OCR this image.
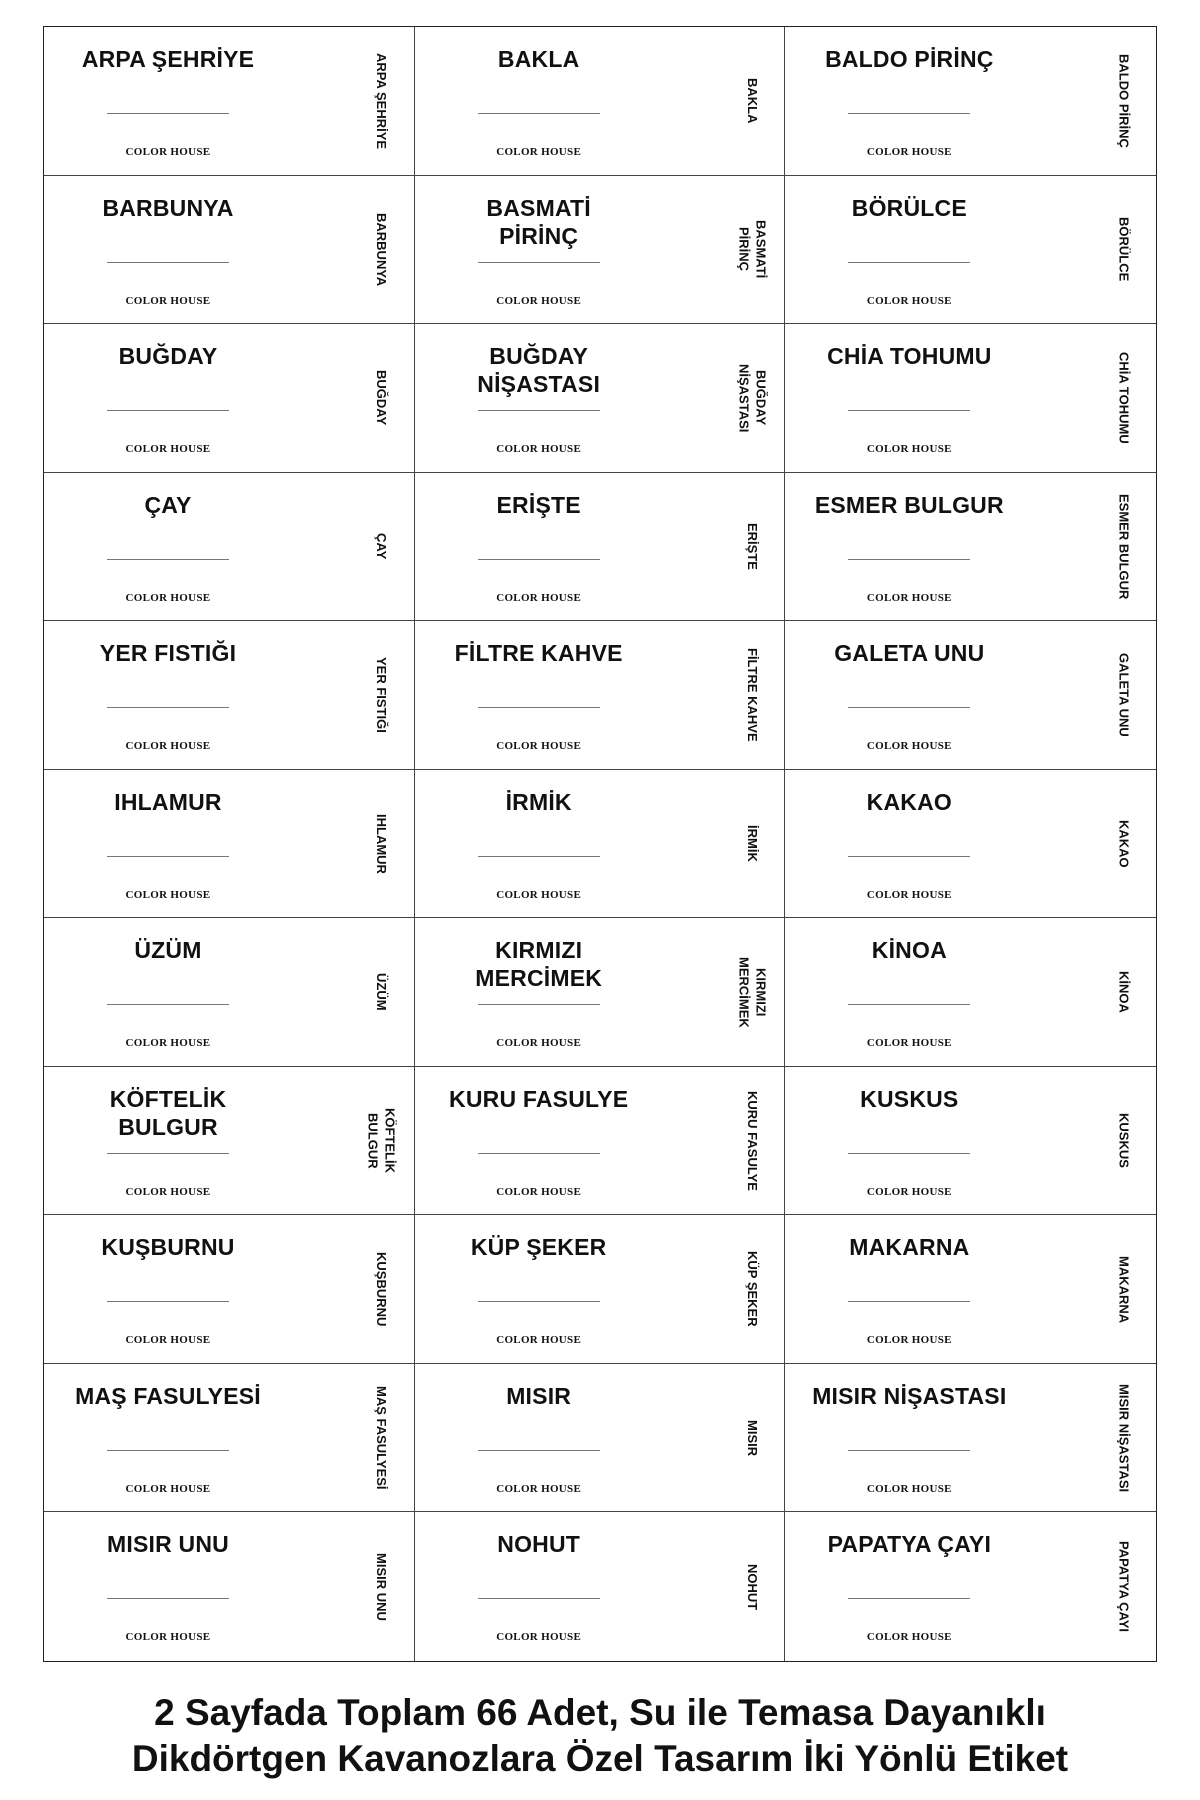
ARPA ŞEHRİYE
COLOR HOUSE
ARPA ŞEHRİYE	BAKLA
COLOR HOUSE
BAKLA
BALDO PİRİNÇ
COLOR HOUSE
BALDO PİRİNÇ
BARBUNYA
COLOR HOUSE
BARBUNYA
BASMATİ
PİRİNÇ
COLOR HOUSE
BASMATİ
PİRİNÇ
BÖRÜLCE
COLOR HOUSE
BÖRÜLCE
BUĞDAY
COLOR HOUSE
BUĞDAY
BUĞDAY
NİŞASTASI
COLOR HOUSE
BUĞDAY
NİŞASTASI
CHİA TOHUMU
COLOR HOUSE
CHİA TOHUMU
ÇAY
COLOR HOUSE
ÇAY
ERİŞTE
COLOR HOUSE
ERİŞTE
ESMER BULGUR
COLOR HOUSE	ESMER BULGUR
YER FISTIĞI
COLOR HOUSE
YER FISTIĞI
FİLTRE KAHVE
COLOR HOUSE
FİLTRE KAHVE	GALETA UNU
COLOR HOUSE
GALETA UNU
IHLAMUR
COLOR HOUSE
IHLAMUR
İRMİK
COLOR HOUSE
İRMİK
KAKAO
COLOR HOUSE
KAKAO
ÜZÜM
COLOR HOUSE
ÜZÜM
KIRMIZI
MERCİMEK
COLOR HOUSE
KIRMIZI
MERCİMEK
KİNOA
COLOR HOUSE
KİNOA
KÖFTELİK
BULGUR
COLOR HOUSE
KÖFTELİK
BULGUR
KURU FASULYE
COLOR HOUSE
KURU FASULYE	KUSKUS
COLOR HOUSE
KUSKUS
KUŞBURNU
COLOR HOUSE
KUŞBURNU
KÜP ŞEKER
COLOR HOUSE
KÜP ŞEKER
MAKARNA
COLOR HOUSE
MAKARNA
MAŞ FASULYESİ
COLOR HOUSE	MAŞ FASULYESİ	MISIR
COLOR HOUSE
MISIR
MISIR NİŞASTASI
COLOR HOUSE	MISIR NİŞASTASI
MISIR UNU
COLOR HOUSE
MISIR UNU
NOHUT
COLOR HOUSE
NOHUT
PAPATYA ÇAYI
COLOR HOUSE
PAPATYA ÇAYI
2 Sayfada Toplam 66 Adet, Su ile Temasa Dayanıklı
Dikdörtgen Kavanozlara Özel Tasarım İki Yönlü Etiket
